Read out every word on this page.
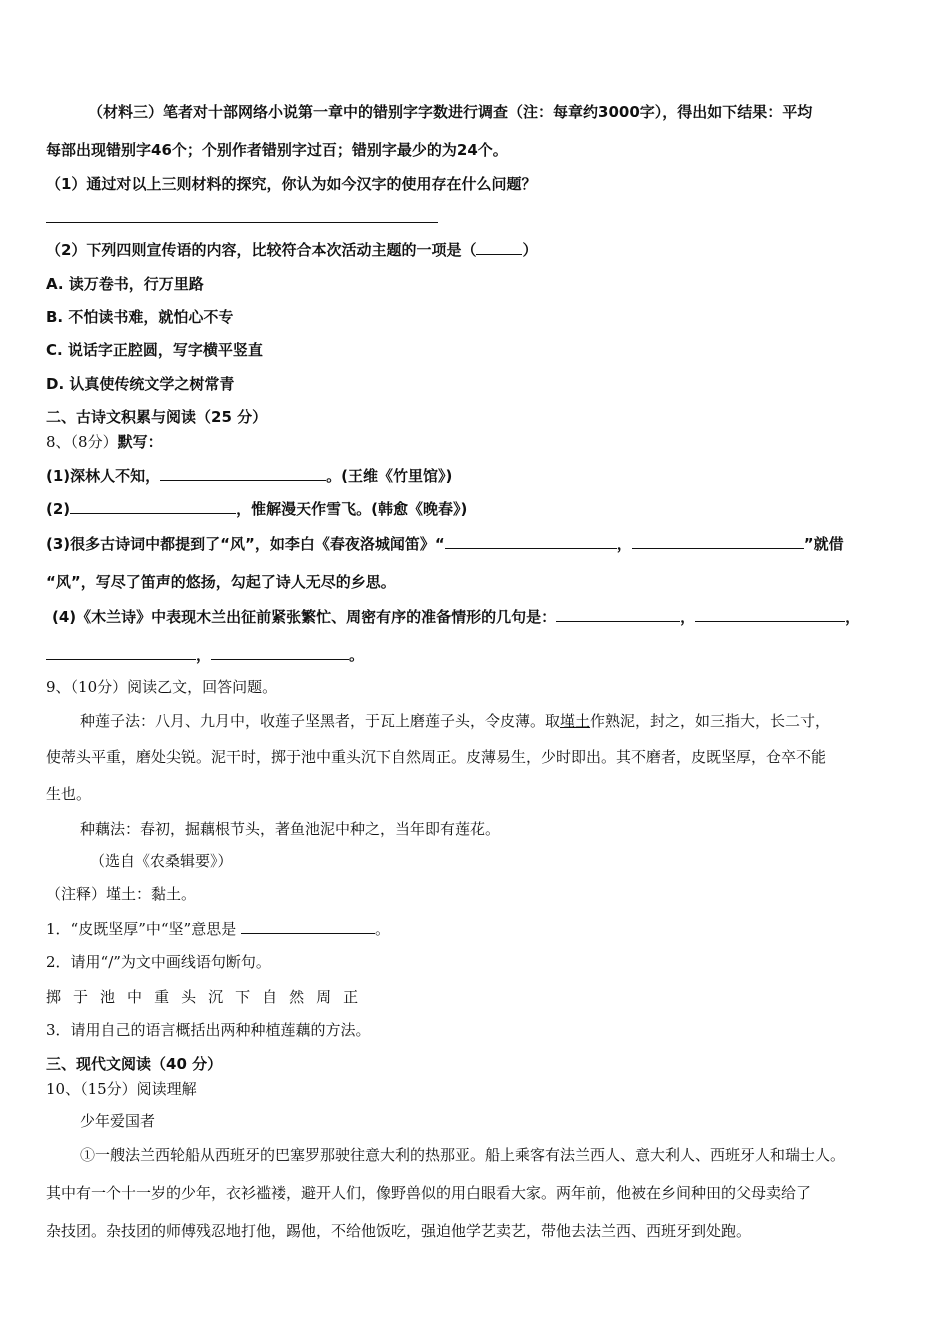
（材料三）笔者对十部网络小说第一章中的错别字字数进行调查（注：每章约3000字），得出如下结果：平均
每部出现错别字46个；个别作者错别字过百；错别字最少的为24个。
（1）通过对以上三则材料的探究，你认为如今汉字的使用存在什么问题？
（2）下列四则宣传语的内容，比较符合本次活动主题的一项是（	）
A. 读万卷书，行万里路
B. 不怕读书难，就怕心不专
C. 说话字正腔圆，写字横平竖直
D. 认真使传统文学之树常青
二、古诗文积累与阅读（25 分）
8、（8分）默写：
(1)深林人不知，	。(王维《竹里馆》)
(2)	，惟解漫天作雪飞。(韩愈《晚春》)
(3)很多古诗词中都提到了“风”，如李白《春夜洛城闻笛》“	，	”就借
“风”，写尽了笛声的悠扬，勾起了诗人无尽的乡思。
(4)《木兰诗》中表现木兰出征前紧张繁忙、周密有序的准备情形的几句是：	，	，
，	。
9、（10分）阅读乙文，回答问题。
种莲子法：八月、九月中，收莲子坚黑者，于瓦上磨莲子头，令皮薄。取墐土作熟泥，封之，如三指大，长二寸，
使蒂头平重，磨处尖锐。泥干时，掷于池中重头沉下自然周正。皮薄易生，少时即出。其不磨者，皮既坚厚，仓卒不能
生也。
种藕法：春初，掘藕根节头，著鱼池泥中种之，当年即有莲花。
（选自《农桑辑要》）
（注释）墐土：黏土。
1．“皮既坚厚”中“坚”意思是	。
2．请用“/”为文中画线语句断句。
掷 于 池 中 重 头 沉 下 自 然 周 正
3．请用自己的语言概括出两种种植莲藕的方法。
三、现代文阅读（40 分）
10、（15分）阅读理解
少年爱国者
①一艘法兰西轮船从西班牙的巴塞罗那驶往意大利的热那亚。船上乘客有法兰西人、意大利人、西班牙人和瑞士人。
其中有一个十一岁的少年，衣衫褴褛，避开人们，像野兽似的用白眼看大家。两年前，他被在乡间种田的父母卖给了
杂技团。杂技团的师傅残忍地打他，踢他，不给他饭吃，强迫他学艺卖艺，带他去法兰西、西班牙到处跑。
